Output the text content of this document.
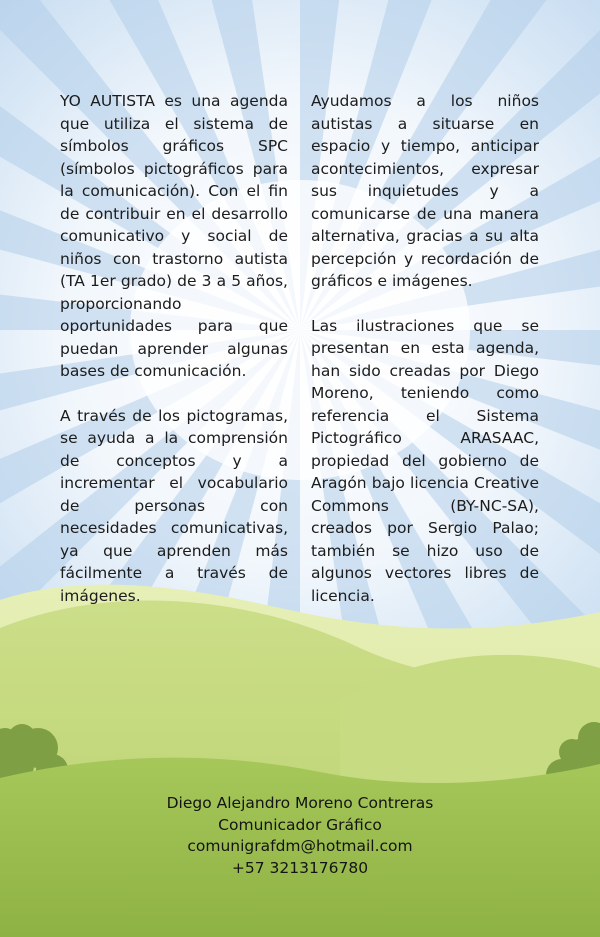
YO AUTISTA es una agenda que utiliza el sistema de símbolos gráficos SPC (símbolos pictográficos para la comunicación). Con el fin de contribuir en el desarrollo comunicativo y social de niños con trastorno autista (TA 1er grado) de 3 a 5 años, proporcionando oportunidades para que puedan aprender algunas bases de comunicación.

A través de los pictogramas, se ayuda a la comprensión de conceptos y a incrementar el vocabulario de personas con necesidades comunicativas, ya que aprenden más fácilmente a través de imágenes.

Ayudamos a los niños autistas a situarse en espacio y tiempo, anticipar acontecimientos, expresar sus inquietudes y a comunicarse de una manera alternativa, gracias a su alta percepción y recordación de gráficos e imágenes.

Las ilustraciones que se presentan en esta agenda, han sido creadas por Diego Moreno, teniendo como referencia el Sistema Pictográfico ARASAAC, propiedad del gobierno de Aragón bajo licencia Creative Commons (BY-NC-SA), creados por Sergio Palao; también se hizo uso de algunos vectores libres de licencia.

Diego Alejandro Moreno Contreras
Comunicador Gráfico
comunigrafdm@hotmail.com
+57 3213176780
